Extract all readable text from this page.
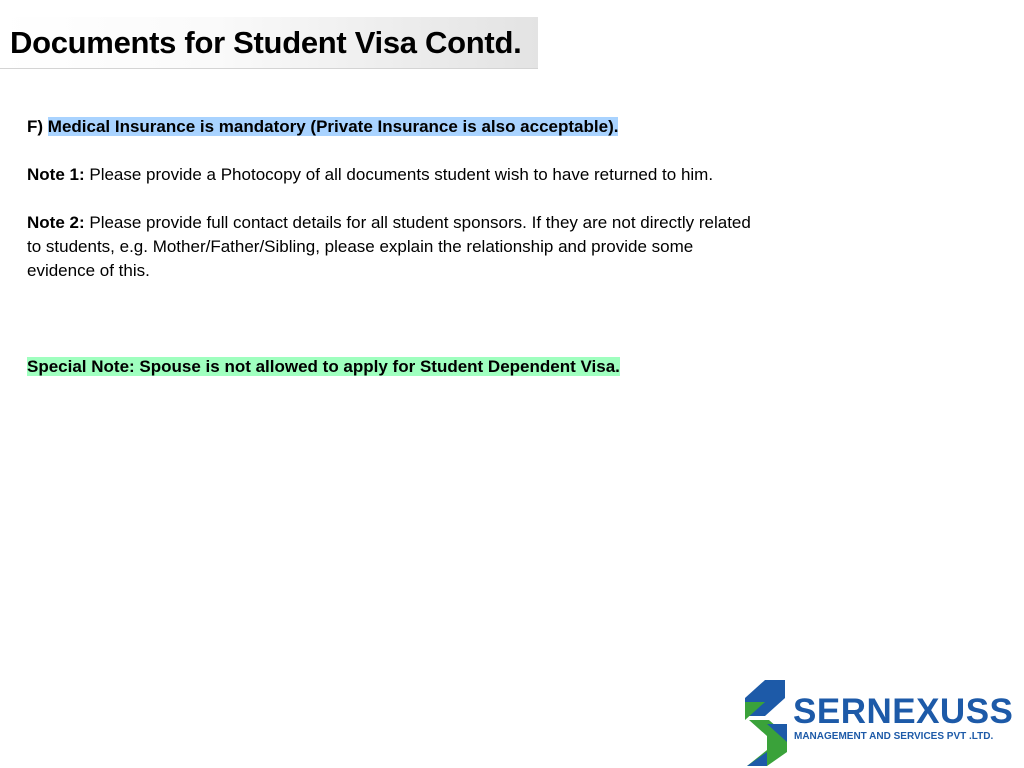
Documents for Student Visa Contd.
F) Medical Insurance is mandatory (Private Insurance is also acceptable).
Note 1: Please provide a Photocopy of all documents student wish to have returned to him.
Note 2: Please provide full contact details for all student sponsors. If they are not directly related to students, e.g. Mother/Father/Sibling, please explain the relationship and provide some evidence of this.
Special Note: Spouse is not allowed to apply for Student Dependent Visa.
SERNEXUSS
MANAGEMENT AND SERVICES PVT .LTD.
